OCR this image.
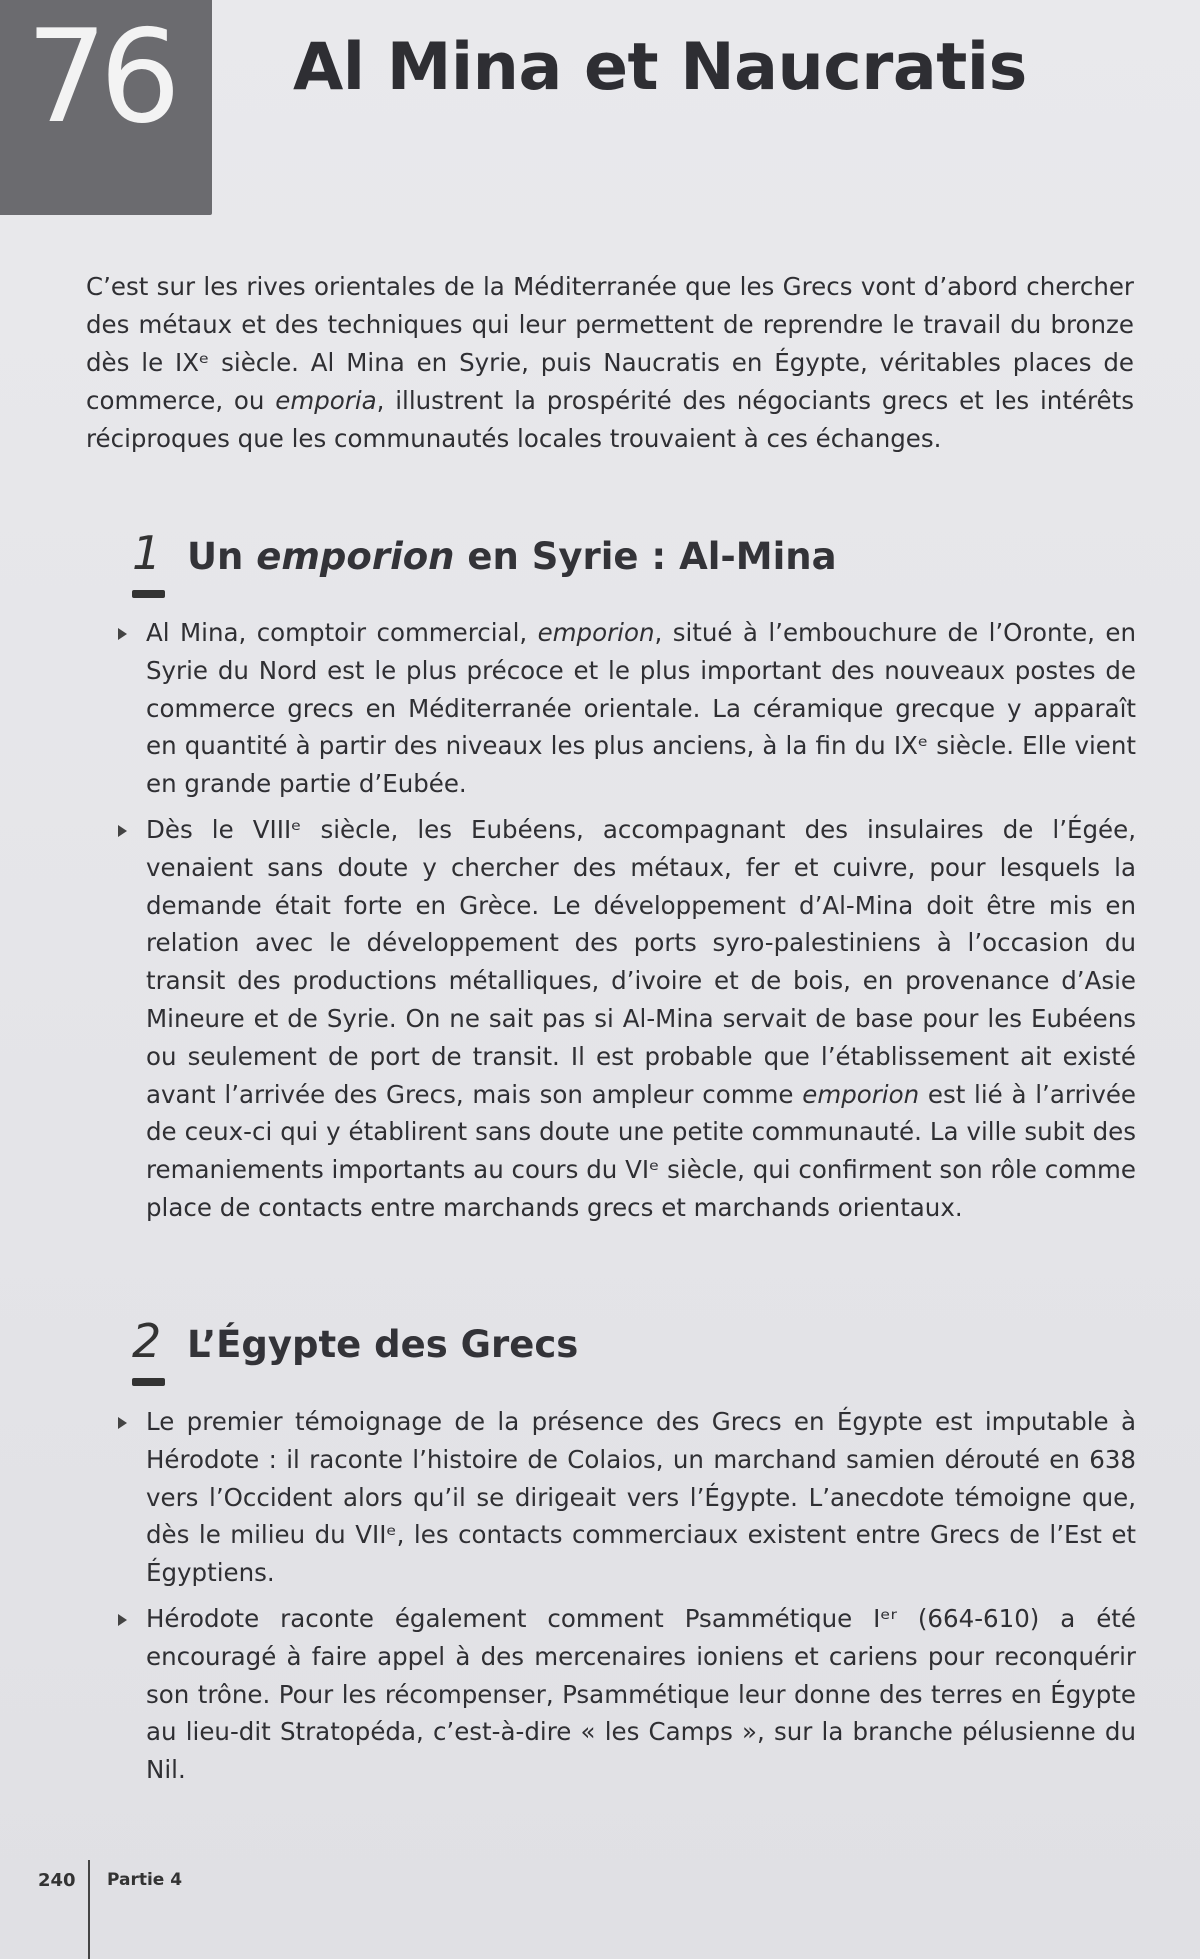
76 Al Mina et Naucratis

C’est sur les rives orientales de la Méditerranée que les Grecs vont d’abord chercher des métaux et des techniques qui leur permettent de reprendre le travail du bronze dès le IXᵉ siècle. Al Mina en Syrie, puis Naucratis en Égypte, véritables places de commerce, ou emporia, illustrent la prospérité des négociants grecs et les intérêts réciproques que les communautés locales trouvaient à ces échanges.

1 Un emporion en Syrie : Al-Mina
Al Mina, comptoir commercial, emporion, situé à l’embouchure de l’Oronte, en Syrie du Nord est le plus précoce et le plus important des nouveaux postes de commerce grecs en Méditerranée orientale. La céramique grecque y apparaît en quantité à partir des niveaux les plus anciens, à la fin du IXᵉ siècle. Elle vient en grande partie d’Eubée.
Dès le VIIIᵉ siècle, les Eubéens, accompagnant des insulaires de l’Égée, venaient sans doute y chercher des métaux, fer et cuivre, pour lesquels la demande était forte en Grèce. Le développement d’Al-Mina doit être mis en relation avec le développement des ports syro-palestiniens à l’occasion du transit des productions métalliques, d’ivoire et de bois, en provenance d’Asie Mineure et de Syrie. On ne sait pas si Al-Mina servait de base pour les Eubéens ou seulement de port de transit. Il est probable que l’établissement ait existé avant l’arrivée des Grecs, mais son ampleur comme emporion est lié à l’arrivée de ceux-ci qui y établirent sans doute une petite communauté. La ville subit des remaniements importants au cours du VIᵉ siècle, qui confirment son rôle comme place de contacts entre marchands grecs et marchands orientaux.
2 L’Égypte des Grecs
Le premier témoignage de la présence des Grecs en Égypte est imputable à Hérodote : il raconte l’histoire de Colaios, un marchand samien dérouté en 638 vers l’Occident alors qu’il se dirigeait vers l’Égypte. L’anecdote témoigne que, dès le milieu du VIIᵉ, les contacts commerciaux existent entre Grecs de l’Est et Égyptiens.
Hérodote raconte également comment Psammétique Iᵉʳ (664-610) a été encouragé à faire appel à des mercenaires ioniens et cariens pour reconquérir son trône. Pour les récompenser, Psammétique leur donne des terres en Égypte au lieu-dit Stratopéda, c’est-à-dire « les Camps », sur la branche pélusienne du Nil.
240 Partie 4
